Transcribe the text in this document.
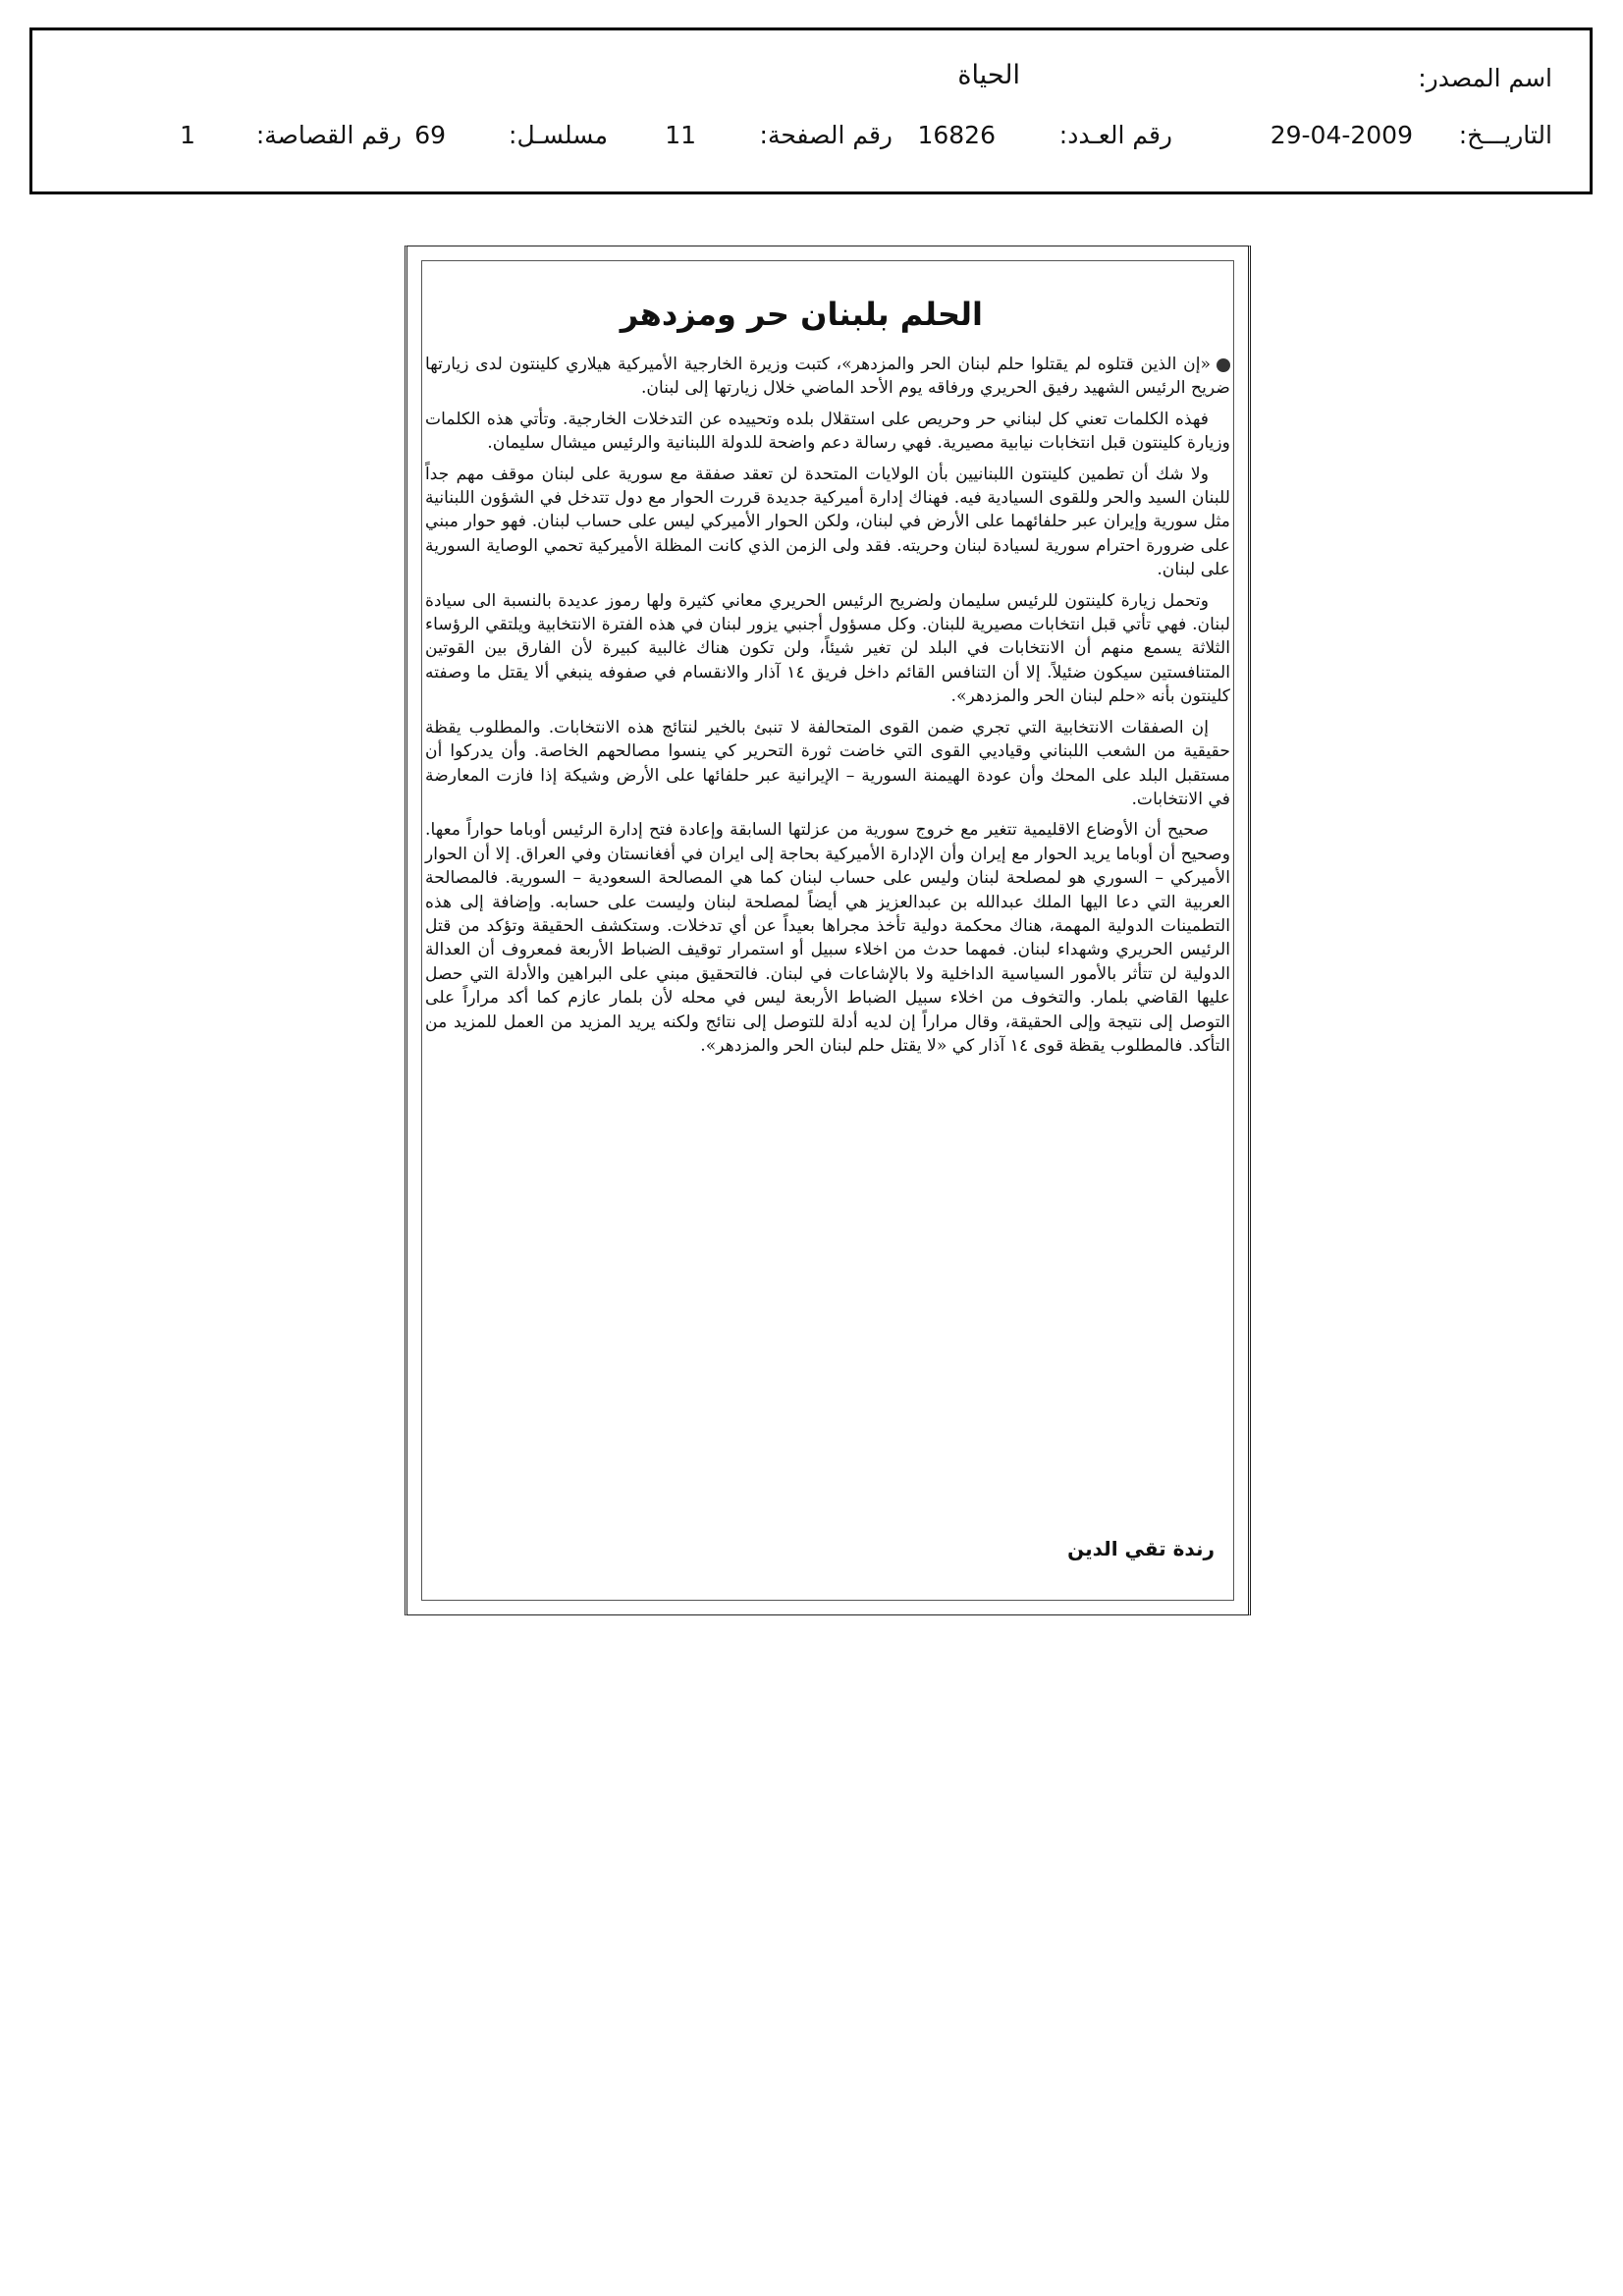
اسم المصدر:
الحياة
التاريـــخ:
29-04-2009
رقم العـدد:
16826
رقم الصفحة:
11
مسلسـل:
69
رقم القصاصة:
1
الحلم بلبنان حر ومزدهر

«إن الذين قتلوه لم يقتلوا حلم لبنان الحر والمزدهر»، كتبت وزيرة الخارجية الأميركية هيلاري كلينتون لدى زيارتها ضريح الرئيس الشهيد رفيق الحريري ورفاقه يوم الأحد الماضي خلال زيارتها إلى لبنان.

فهذه الكلمات تعني كل لبناني حر وحريص على استقلال بلده وتحييده عن التدخلات الخارجية. وتأتي هذه الكلمات وزيارة كلينتون قبل انتخابات نيابية مصيرية. فهي رسالة دعم واضحة للدولة اللبنانية والرئيس ميشال سليمان.

ولا شك أن تطمين كلينتون اللبنانيين بأن الولايات المتحدة لن تعقد صفقة مع سورية على لبنان موقف مهم جداً للبنان السيد والحر وللقوى السيادية فيه. فهناك إدارة أميركية جديدة قررت الحوار مع دول تتدخل في الشؤون اللبنانية مثل سورية وإيران عبر حلفائهما على الأرض في لبنان، ولكن الحوار الأميركي ليس على حساب لبنان. فهو حوار مبني على ضرورة احترام سورية لسيادة لبنان وحريته. فقد ولى الزمن الذي كانت المظلة الأميركية تحمي الوصاية السورية على لبنان.

وتحمل زيارة كلينتون للرئيس سليمان ولضريح الرئيس الحريري معاني كثيرة ولها رموز عديدة بالنسبة الى سيادة لبنان. فهي تأتي قبل انتخابات مصيرية للبنان. وكل مسؤول أجنبي يزور لبنان في هذه الفترة الانتخابية ويلتقي الرؤساء الثلاثة يسمع منهم أن الانتخابات في البلد لن تغير شيئاً، ولن تكون هناك غالبية كبيرة لأن الفارق بين القوتين المتنافستين سيكون ضئيلاً. إلا أن التنافس القائم داخل فريق ١٤ آذار والانقسام في صفوفه ينبغي ألا يقتل ما وصفته كلينتون بأنه «حلم لبنان الحر والمزدهر».

إن الصفقات الانتخابية التي تجري ضمن القوى المتحالفة لا تنبئ بالخير لنتائج هذه الانتخابات. والمطلوب يقظة حقيقية من الشعب اللبناني وقياديي القوى التي خاضت ثورة التحرير كي ينسوا مصالحهم الخاصة. وأن يدركوا أن مستقبل البلد على المحك وأن عودة الهيمنة السورية – الإيرانية عبر حلفائها على الأرض وشيكة إذا فازت المعارضة في الانتخابات.

صحيح أن الأوضاع الاقليمية تتغير مع خروج سورية من عزلتها السابقة وإعادة فتح إدارة الرئيس أوباما حواراً معها. وصحيح أن أوباما يريد الحوار مع إيران وأن الإدارة الأميركية بحاجة إلى ايران في أفغانستان وفي العراق. إلا أن الحوار الأميركي – السوري هو لمصلحة لبنان وليس على حساب لبنان كما هي المصالحة السعودية – السورية. فالمصالحة العربية التي دعا اليها الملك عبدالله بن عبدالعزيز هي أيضاً لمصلحة لبنان وليست على حسابه. وإضافة إلى هذه التطمينات الدولية المهمة، هناك محكمة دولية تأخذ مجراها بعيداً عن أي تدخلات. وستكشف الحقيقة وتؤكد من قتل الرئيس الحريري وشهداء لبنان. فمهما حدث من اخلاء سبيل أو استمرار توقيف الضباط الأربعة فمعروف أن العدالة الدولية لن تتأثر بالأمور السياسية الداخلية ولا بالإشاعات في لبنان. فالتحقيق مبني على البراهين والأدلة التي حصل عليها القاضي بلمار. والتخوف من اخلاء سبيل الضباط الأربعة ليس في محله لأن بلمار عازم كما أكد مراراً على التوصل إلى نتيجة وإلى الحقيقة، وقال مراراً إن لديه أدلة للتوصل إلى نتائج ولكنه يريد المزيد من العمل للمزيد من التأكد. فالمطلوب يقظة قوى ١٤ آذار كي «لا يقتل حلم لبنان الحر والمزدهر».

رندة تقي الدين
